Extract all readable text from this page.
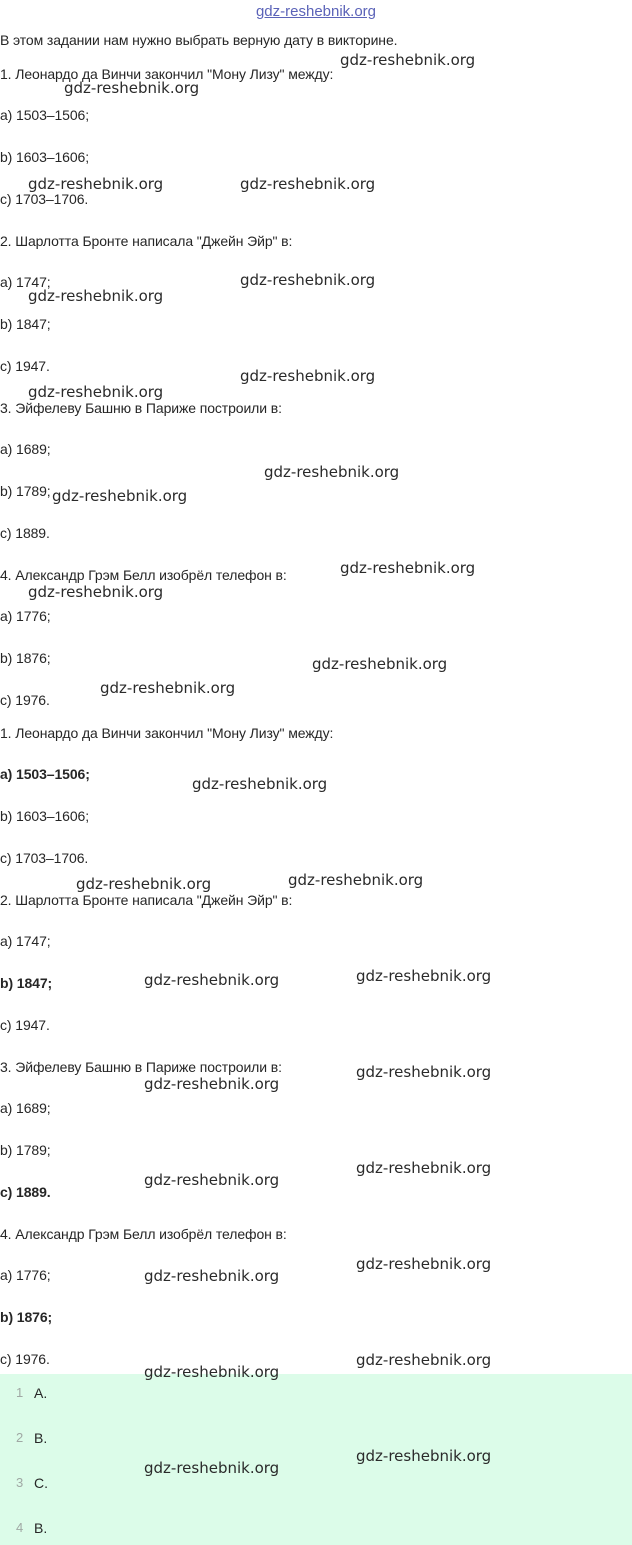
gdz-reshebnik.org
В этом задании нам нужно выбрать верную дату в викторине.
1. Леонардо да Винчи закончил "Мону Лизу" между:
a) 1503–1506;
b) 1603–1606;
c) 1703–1706.
2. Шарлотта Бронте написала "Джейн Эйр" в:
a) 1747;
b) 1847;
c) 1947.
3. Эйфелеву Башню в Париже построили в:
a) 1689;
b) 1789;
c) 1889.
4. Александр Грэм Белл изобрёл телефон в:
a) 1776;
b) 1876;
c) 1976.
1. Леонардо да Винчи закончил "Мону Лизу" между:
a) 1503–1506;
b) 1603–1606;
c) 1703–1706.
2. Шарлотта Бронте написала "Джейн Эйр" в:
a) 1747;
b) 1847;
c) 1947.
3. Эйфелеву Башню в Париже построили в:
a) 1689;
b) 1789;
c) 1889.
4. Александр Грэм Белл изобрёл телефон в:
a) 1776;
b) 1876;
c) 1976.
1 A.
2 B.
3 C.
4 B.
gdz-reshebnik.org
gdz-reshebnik.org
gdz-reshebnik.org	gdz-reshebnik.org
gdz-reshebnik.org
gdz-reshebnik.org
gdz-reshebnik.org
gdz-reshebnik.org
gdz-reshebnik.org
gdz-reshebnik.org
gdz-reshebnik.org
gdz-reshebnik.org
gdz-reshebnik.org
gdz-reshebnik.org
gdz-reshebnik.org
gdz-reshebnik.org
gdz-reshebnik.org
gdz-reshebnik.org
gdz-reshebnik.org
gdz-reshebnik.org
gdz-reshebnik.org
gdz-reshebnik.org
gdz-reshebnik.org
gdz-reshebnik.org
gdz-reshebnik.org
gdz-reshebnik.org
gdz-reshebnik.org
gdz-reshebnik.org
gdz-reshebnik.org
